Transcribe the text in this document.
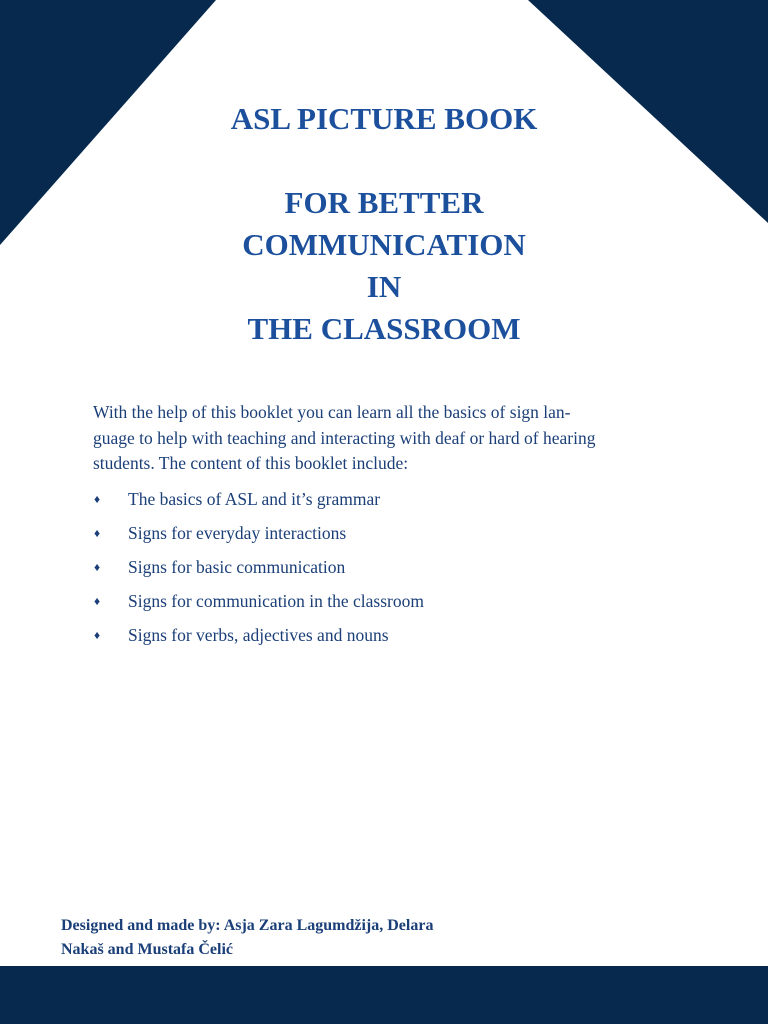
ASL PICTURE BOOK
FOR BETTER
COMMUNICATION
IN
THE CLASSROOM
With the help of this booklet you can learn all the basics of sign lan-
guage to help with teaching and interacting with deaf or hard of hearing
students. The content of this booklet include:
♦ The basics of ASL and it’s grammar
♦ Signs for everyday interactions
♦ Signs for basic communication
♦ Signs for communication in the classroom
♦ Signs for verbs, adjectives and nouns
Designed and made by: Asja Zara Lagumdžija, Delara
Nakaš and Mustafa Čelić
